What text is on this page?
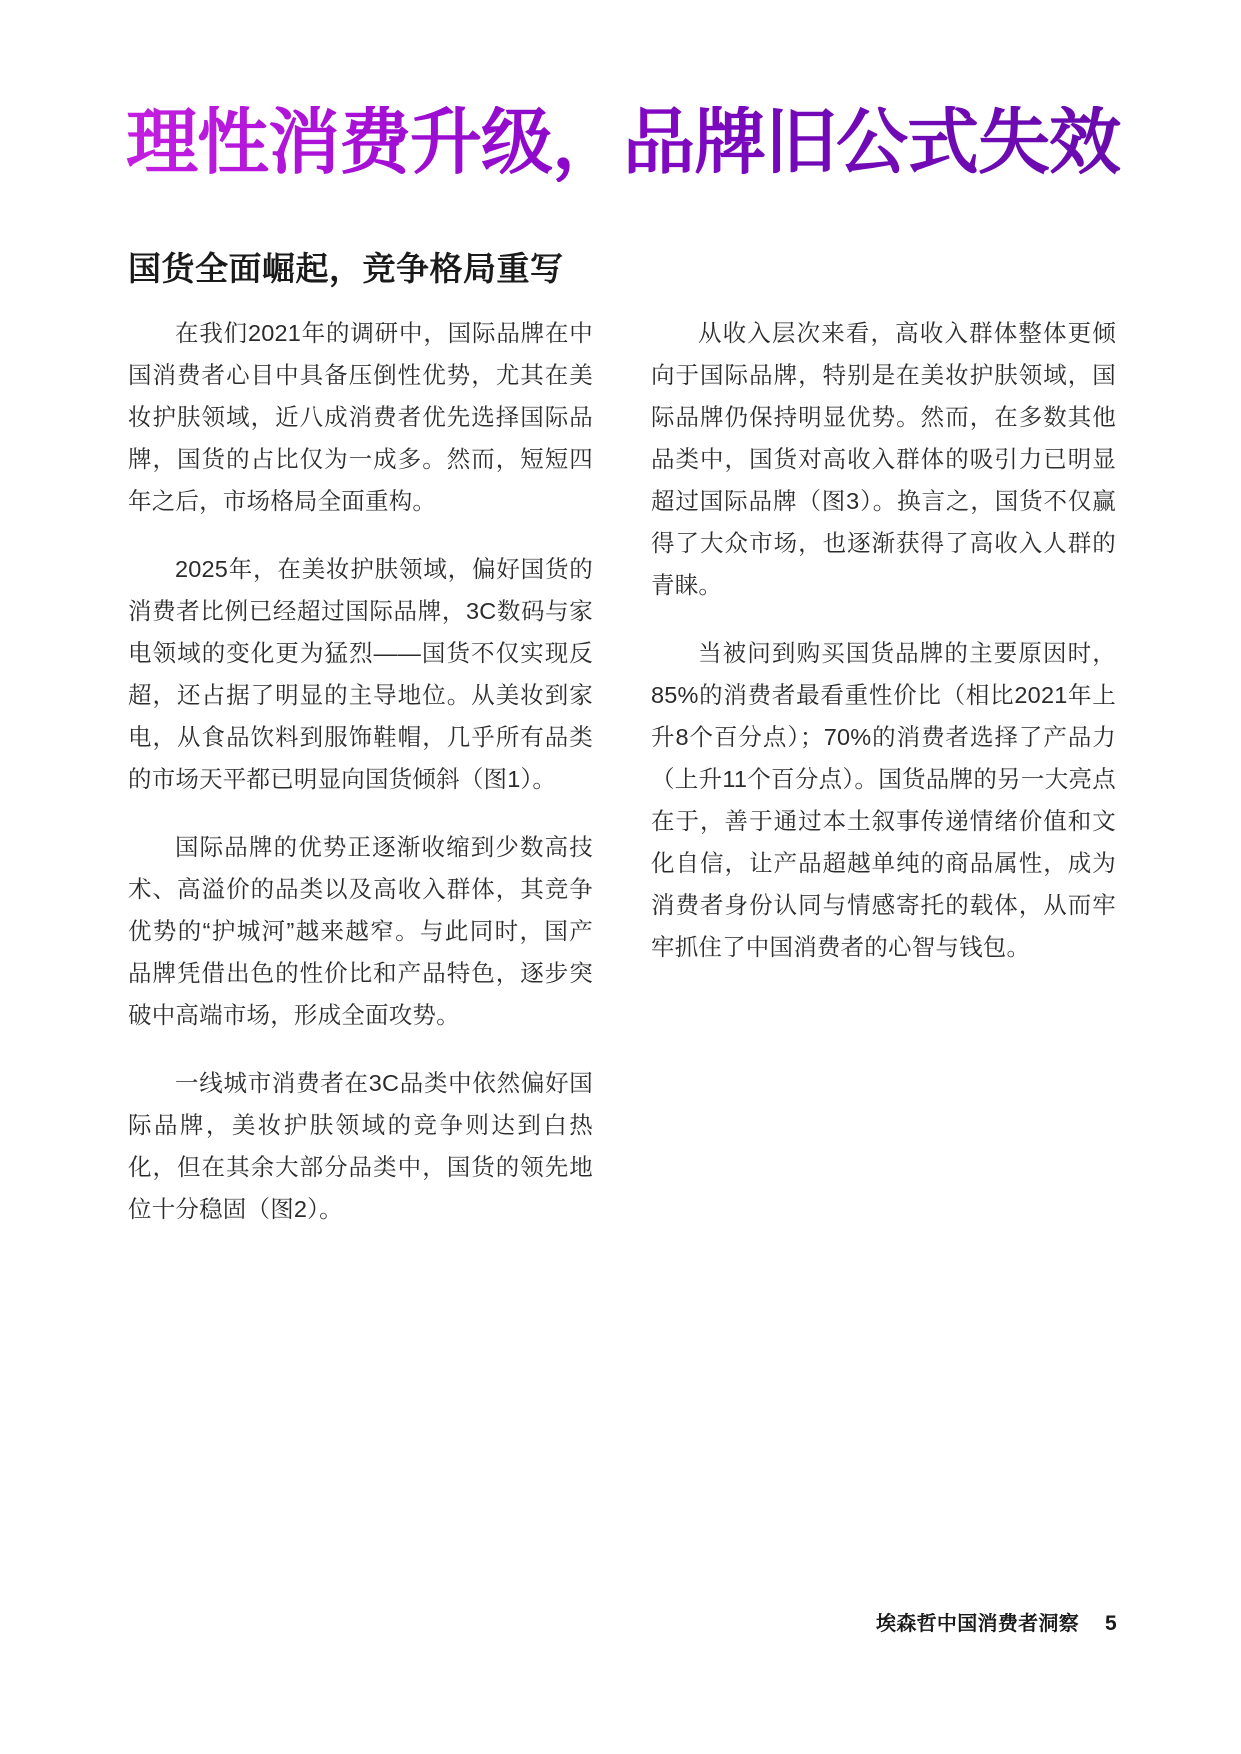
理性消费升级，品牌旧公式失效
国货全面崛起，竞争格局重写

在我们2021年的调研中，国际品牌在中国消费者心目中具备压倒性优势，尤其在美妆护肤领域，近八成消费者优先选择国际品牌，国货的占比仅为一成多。然而，短短四年之后，市场格局全面重构。

2025年，在美妆护肤领域，偏好国货的消费者比例已经超过国际品牌，3C数码与家电领域的变化更为猛烈——国货不仅实现反超，还占据了明显的主导地位。从美妆到家电，从食品饮料到服饰鞋帽，几乎所有品类的市场天平都已明显向国货倾斜（图1）。

国际品牌的优势正逐渐收缩到少数高技术、高溢价的品类以及高收入群体，其竞争优势的“护城河”越来越窄。与此同时，国产品牌凭借出色的性价比和产品特色，逐步突破中高端市场，形成全面攻势。

一线城市消费者在3C品类中依然偏好国际品牌，美妆护肤领域的竞争则达到白热化，但在其余大部分品类中，国货的领先地位十分稳固（图2）。

从收入层次来看，高收入群体整体更倾向于国际品牌，特别是在美妆护肤领域，国际品牌仍保持明显优势。然而，在多数其他品类中，国货对高收入群体的吸引力已明显超过国际品牌（图3）。换言之，国货不仅赢得了大众市场，也逐渐获得了高收入人群的青睐。

当被问到购买国货品牌的主要原因时，85%的消费者最看重性价比（相比2021年上升8个百分点）；70%的消费者选择了产品力（上升11个百分点）。国货品牌的另一大亮点在于，善于通过本土叙事传递情绪价值和文化自信，让产品超越单纯的商品属性，成为消费者身份认同与情感寄托的载体，从而牢牢抓住了中国消费者的心智与钱包。

埃森哲中国消费者洞察 5
